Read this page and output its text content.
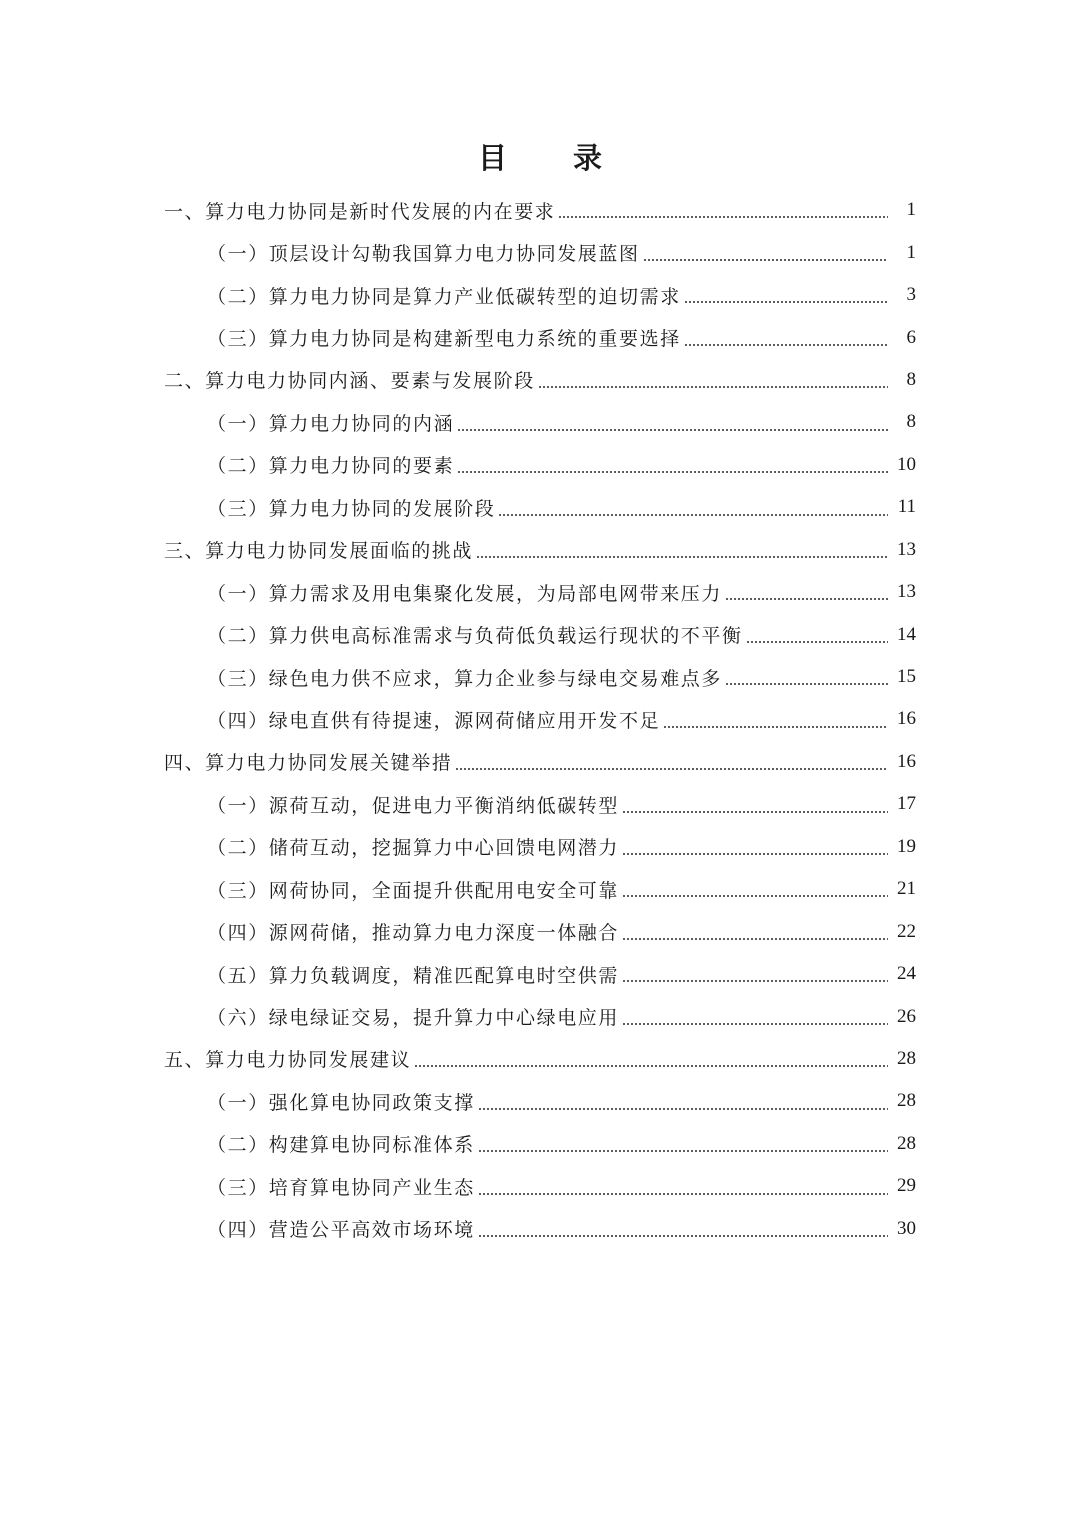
目 录
一、算力电力协同是新时代发展的内在要求	1
（一）顶层设计勾勒我国算力电力协同发展蓝图	1
（二）算力电力协同是算力产业低碳转型的迫切需求	3
（三）算力电力协同是构建新型电力系统的重要选择	6
二、算力电力协同内涵、要素与发展阶段	8
（一）算力电力协同的内涵	8
（二）算力电力协同的要素	10
（三）算力电力协同的发展阶段	11
三、算力电力协同发展面临的挑战	13
（一）算力需求及用电集聚化发展，为局部电网带来压力	13
（二）算力供电高标准需求与负荷低负载运行现状的不平衡	14
（三）绿色电力供不应求，算力企业参与绿电交易难点多	15
（四）绿电直供有待提速，源网荷储应用开发不足	16
四、算力电力协同发展关键举措	16
（一）源荷互动，促进电力平衡消纳低碳转型	17
（二）储荷互动，挖掘算力中心回馈电网潜力	19
（三）网荷协同，全面提升供配用电安全可靠	21
（四）源网荷储，推动算力电力深度一体融合	22
（五）算力负载调度，精准匹配算电时空供需	24
（六）绿电绿证交易，提升算力中心绿电应用	26
五、算力电力协同发展建议	28
（一）强化算电协同政策支撑	28
（二）构建算电协同标准体系	28
（三）培育算电协同产业生态	29
（四）营造公平高效市场环境	30
